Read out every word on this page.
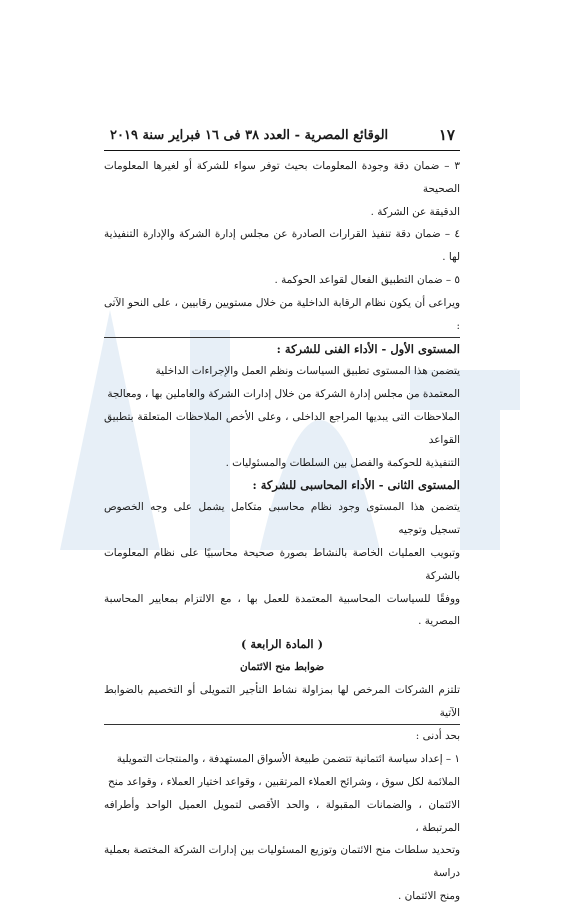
١٧
الوقائع المصرية - العدد ٣٨ فى ١٦ فبراير سنة ٢٠١٩

٣ – ضمان دقة وجودة المعلومات بحيث توفر سواء للشركة أو لغيرها المعلومات الصحيحة

الدقيقة عن الشركة .

٤ – ضمان دقة تنفيذ القرارات الصادرة عن مجلس إدارة الشركة والإدارة التنفيذية لها .

٥ – ضمان التطبيق الفعال لقواعد الحوكمة .

ويراعى أن يكون نظام الرقابة الداخلية من خلال مستويين رقابيين ، على النحو الآتى :

المستوى الأول - الأداء الفنى للشركة :

يتضمن هذا المستوى تطبيق السياسات ونظم العمل والإجراءات الداخلية

المعتمدة من مجلس إدارة الشركة من خلال إدارات الشركة والعاملين بها ، ومعالجة

الملاحظات التى يبديها المراجع الداخلى ، وعلى الأخص الملاحظات المتعلقة بتطبيق القواعد

التنفيذية للحوكمة والفصل بين السلطات والمسئوليات .

المستوى الثانى - الأداء المحاسبى للشركة :

يتضمن هذا المستوى وجود نظام محاسبى متكامل يشمل على وجه الخصوص تسجيل وتوجيه

وتبويب العمليات الخاصة بالنشاط بصورة صحيحة محاسبيًا على نظام المعلومات بالشركة

ووفقًا للسياسات المحاسبية المعتمدة للعمل بها ، مع الالتزام بمعايير المحاسبة المصرية .

( المادة الرابعة )

ضوابط منح الائتمان

تلتزم الشركات المرخص لها بمزاولة نشاط التأجير التمويلى أو التخصيم بالضوابط الآتية

بحد أدنى :

١ – إعداد سياسة ائتمانية تتضمن طبيعة الأسواق المستهدفة ، والمنتجات التمويلية

الملائمة لكل سوق ، وشرائح العملاء المرتقبين ، وقواعد اختيار العملاء ، وقواعد منح

الائتمان ، والضمانات المقبولة ، والحد الأقصى لتمويل العميل الواحد وأطرافه المرتبطة ،

وتحديد سلطات منح الائتمان وتوزيع المسئوليات بين إدارات الشركة المختصة بعملية دراسة

ومنح الائتمان .
